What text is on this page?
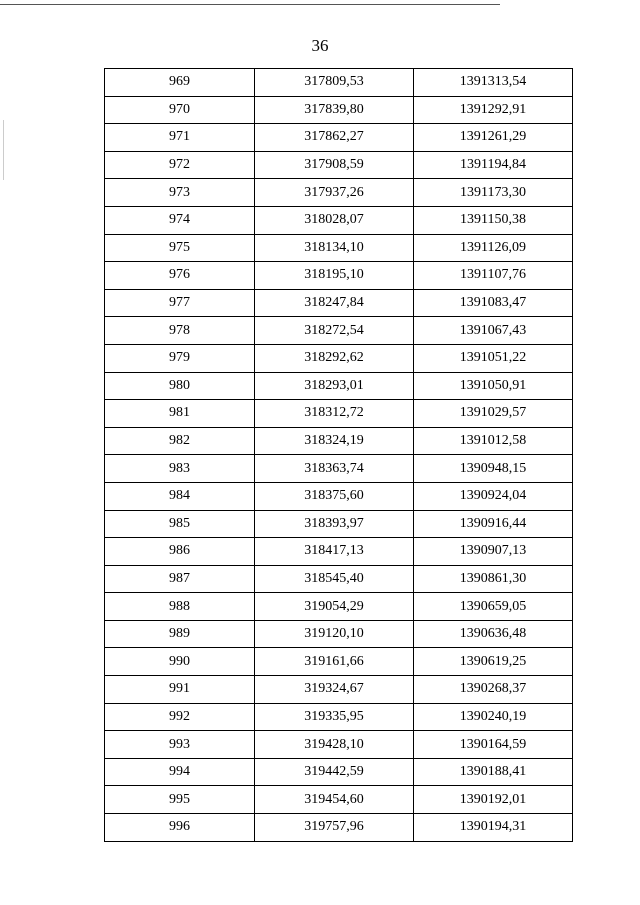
36
969	317809,53	1391313,54
970	317839,80	1391292,91
971	317862,27	1391261,29
972	317908,59	1391194,84
973	317937,26	1391173,30
974	318028,07	1391150,38
975	318134,10	1391126,09
976	318195,10	1391107,76
977	318247,84	1391083,47
978	318272,54	1391067,43
979	318292,62	1391051,22
980	318293,01	1391050,91
981	318312,72	1391029,57
982	318324,19	1391012,58
983	318363,74	1390948,15
984	318375,60	1390924,04
985	318393,97	1390916,44
986	318417,13	1390907,13
987	318545,40	1390861,30
988	319054,29	1390659,05
989	319120,10	1390636,48
990	319161,66	1390619,25
991	319324,67	1390268,37
992	319335,95	1390240,19
993	319428,10	1390164,59
994	319442,59	1390188,41
995	319454,60	1390192,01
996	319757,96	1390194,31
